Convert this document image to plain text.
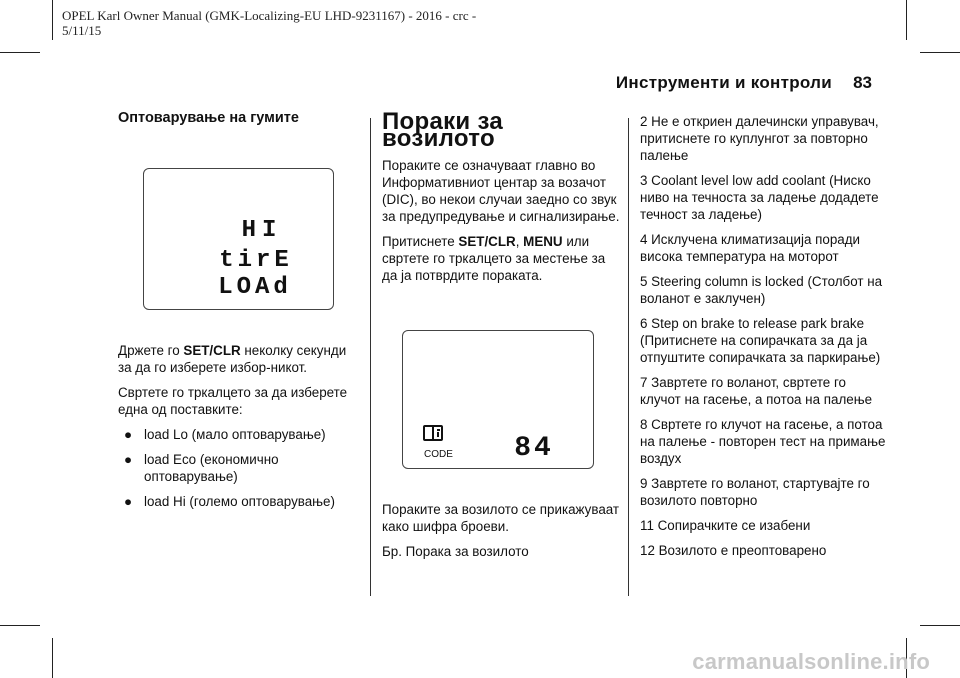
OPEL Karl Owner Manual (GMK-Localizing-EU LHD-9231167) - 2016 - crc -
5/11/15
Инструменти и контроли 83
Оптоварување на гумите
HI
tirE
LOAd

Држете го SET/CLR неколку секунди за да го изберете избор-никот.

Свртете го тркалцето за да изберете една од поставките:

● load Lo (мало оптоварување)
● load Eco (економично оптоварување)
● load Hi (големо оптоварување)
Пораки за возилото

Пораките се означуваат главно во Информативниот центар за возачот (DIC), во некои случаи заедно со звук за предупредување и сигнализирање.

Притиснете SET/CLR, MENU или свртете го тркалцето за местење за да ја потврдите пораката.

CODE 84

Пораките за возилото се прикажуваат како шифра броеви.

Бр. Порака за возилото

2 Не е откриен далечински управувач, притиснете го куплунгот за повторно палење

3 Coolant level low add coolant (Ниско ниво на течноста за ладење додадете течност за ладење)

4 Исклучена климатизација поради висока температура на моторот

5 Steering column is locked (Столбот на воланот е заклучен)

6 Step on brake to release park brake (Притиснете на сопирачката за да ја отпуштите сопирачката за паркирање)

7 Завртете го воланот, свртете го клучот на гасење, а потоа на палење

8 Свртете го клучот на гасење, а потоа на палење - повторен тест на примање воздух

9 Завртете го воланот, стартувајте го возилото повторно

11 Сопирачките се изабени

12 Возилото е преоптоварено

carmanualsonline.info
